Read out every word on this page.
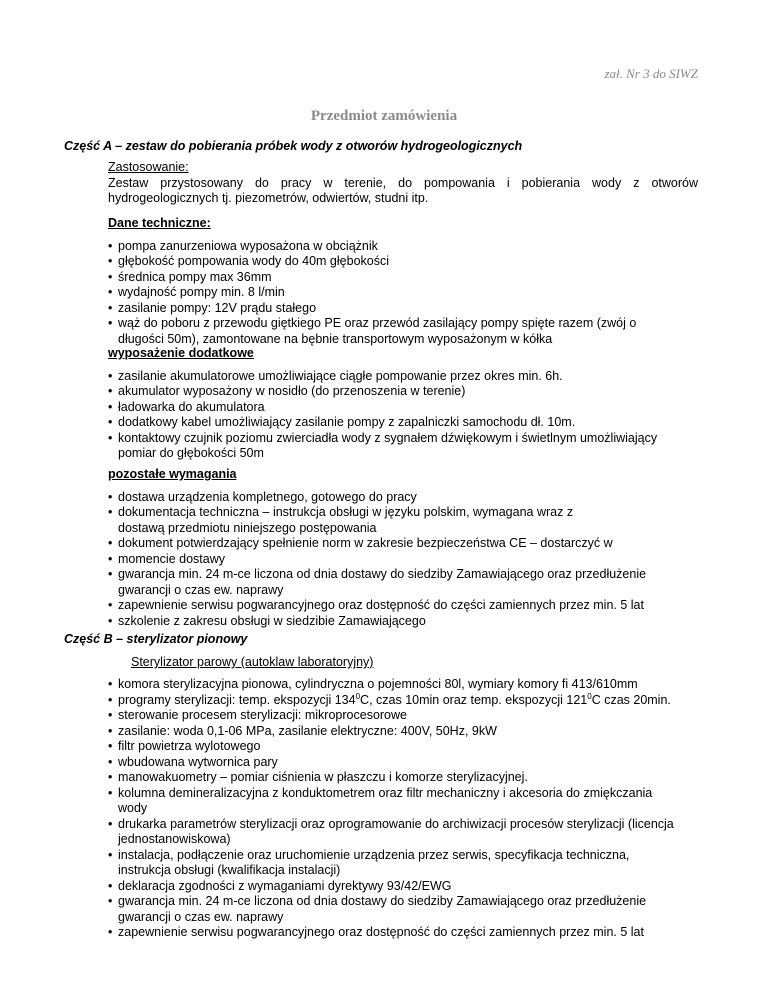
zał. Nr 3 do SIWZ
Przedmiot zamówienia
Część A – zestaw do pobierania próbek wody z otworów hydrogeologicznych
Zastosowanie:
Zestaw przystosowany do pracy w terenie, do pompowania i pobierania wody z otworów hydrogeologicznych tj. piezometrów, odwiertów, studni itp.
Dane techniczne:
• pompa zanurzeniowa wyposażona w obciążnik
• głębokość pompowania wody do 40m głębokości
• średnica pompy max 36mm
• wydajność pompy min. 8 l/min
• zasilanie pompy: 12V prądu stałego
• wąż do poboru z przewodu giętkiego PE oraz przewód zasilający pompy spięte razem (zwój o długości 50m), zamontowane na bębnie transportowym wyposażonym w kółka
wyposażenie dodatkowe
• zasilanie akumulatorowe umożliwiające ciągłe pompowanie przez okres min. 6h.
• akumulator wyposażony w nosidło (do przenoszenia w terenie)
• ładowarka do akumulatora
• dodatkowy kabel umożliwiający zasilanie pompy z zapalniczki samochodu dł. 10m.
• kontaktowy czujnik poziomu zwierciadła wody z sygnałem dźwiękowym i świetlnym umożliwiający pomiar do głębokości 50m
pozostałe wymagania
• dostawa urządzenia kompletnego, gotowego do pracy
• dokumentacja techniczna – instrukcja obsługi w języku polskim, wymagana wraz z dostawą przedmiotu niniejszego postępowania
• dokument potwierdzający spełnienie norm w zakresie bezpieczeństwa CE – dostarczyć w
• momencie dostawy
• gwarancja min. 24 m-ce liczona od dnia dostawy do siedziby Zamawiającego oraz przedłużenie gwarancji o czas ew. naprawy
• zapewnienie serwisu pogwarancyjnego oraz dostępność do części zamiennych przez min. 5 lat
• szkolenie z zakresu obsługi w siedzibie Zamawiającego
Część B – sterylizator pionowy
Sterylizator parowy (autoklaw laboratoryjny)
• komora sterylizacyjna pionowa, cylindryczna o pojemności 80l, wymiary komory fi 413/610mm
• programy sterylizacji: temp. ekspozycji $134^0C$, czas 10min oraz temp. ekspozycji $121^0C$ czas 20min.
• sterowanie procesem sterylizacji: mikroprocesorowe
• zasilanie: woda 0,1-06 MPa, zasilanie elektryczne: 400V, 50Hz, 9kW
• filtr powietrza wylotowego
• wbudowana wytwornica pary
• manowakuometry – pomiar ciśnienia w płaszczu i komorze sterylizacyjnej.
• kolumna demineralizacyjna z konduktometrem oraz filtr mechaniczny i akcesoria do zmiękczania wody
• drukarka parametrów sterylizacji oraz oprogramowanie do archiwizacji procesów sterylizacji (licencja jednostanowiskowa)
• instalacja, podłączenie oraz uruchomienie urządzenia przez serwis, specyfikacja techniczna, instrukcja obsługi (kwalifikacja instalacji)
• deklaracja zgodności z wymaganiami dyrektywy 93/42/EWG
• gwarancja min. 24 m-ce liczona od dnia dostawy do siedziby Zamawiającego oraz przedłużenie gwarancji o czas ew. naprawy
• zapewnienie serwisu pogwarancyjnego oraz dostępność do części zamiennych przez min. 5 lat
